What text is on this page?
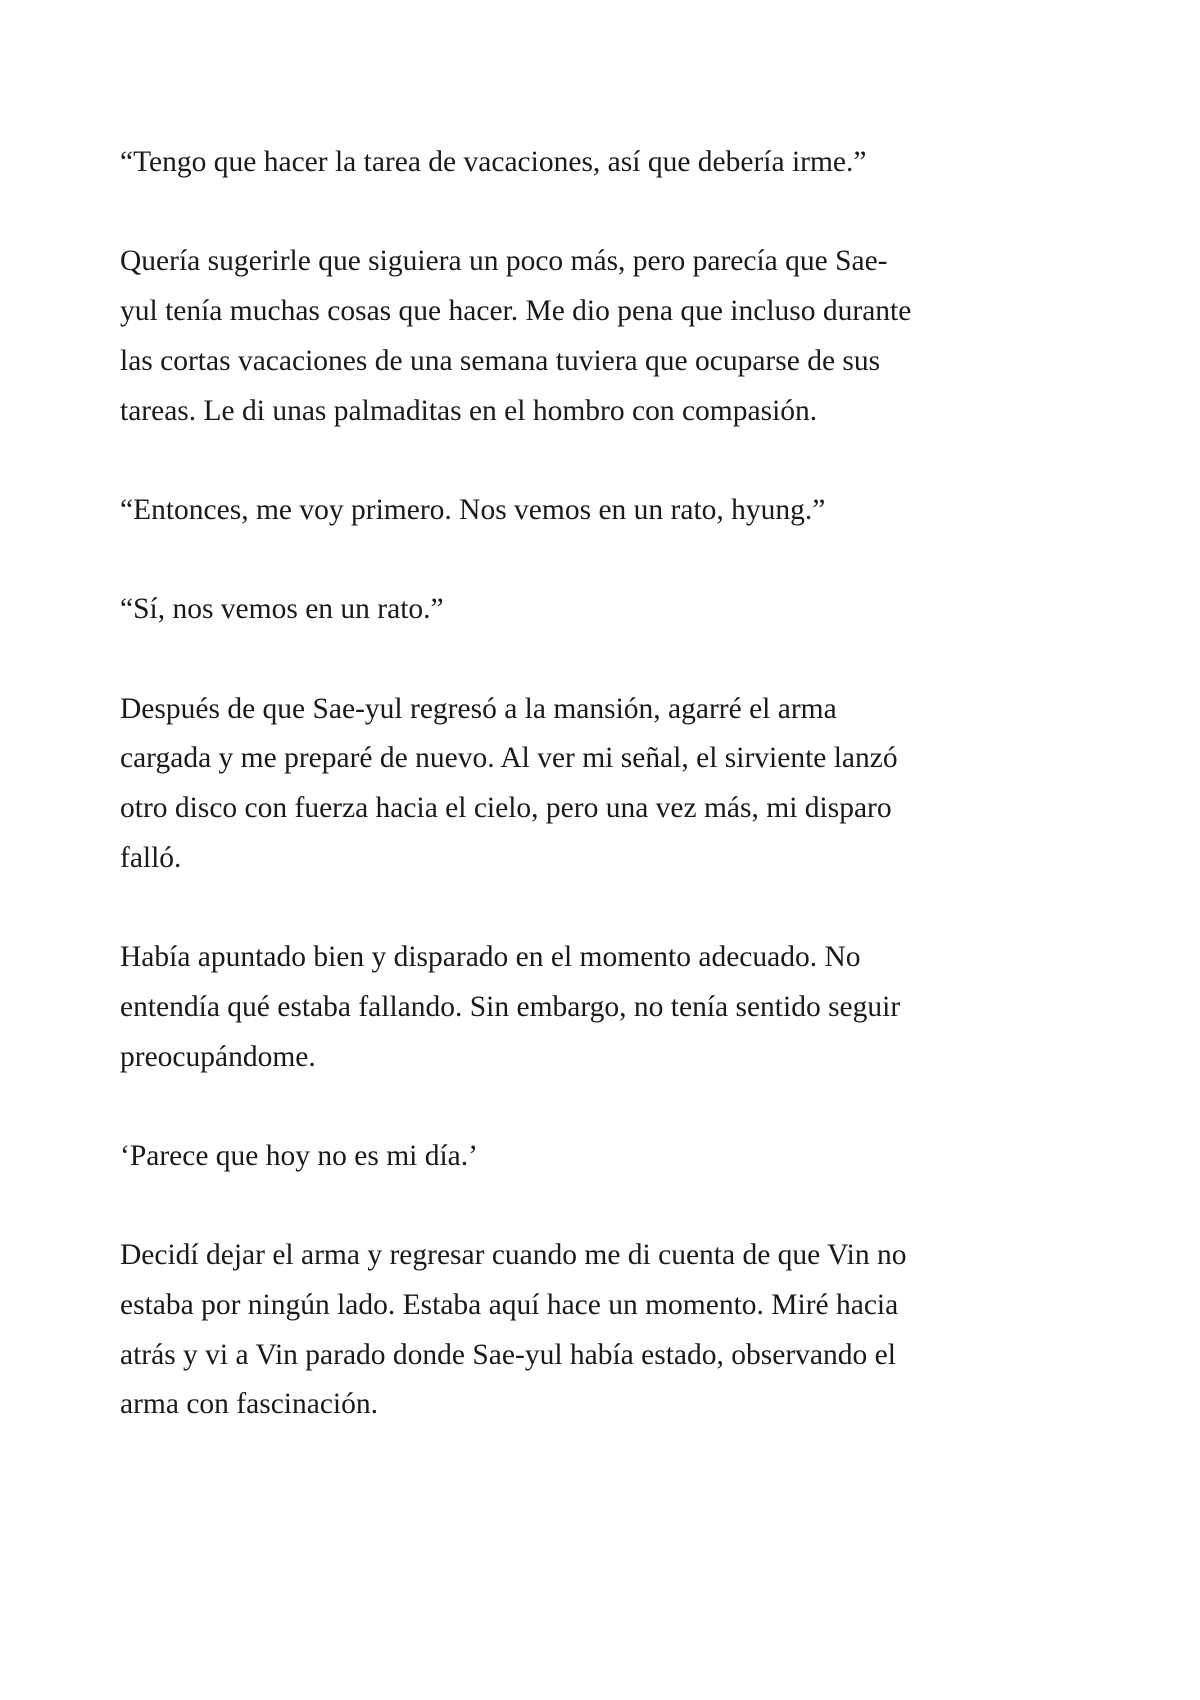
“Tengo que hacer la tarea de vacaciones, así que debería irme.”
Quería sugerirle que siguiera un poco más, pero parecía que Sae-
yul tenía muchas cosas que hacer. Me dio pena que incluso durante
las cortas vacaciones de una semana tuviera que ocuparse de sus
tareas. Le di unas palmaditas en el hombro con compasión.
“Entonces, me voy primero. Nos vemos en un rato, hyung.”
“Sí, nos vemos en un rato.”
Después de que Sae-yul regresó a la mansión, agarré el arma
cargada y me preparé de nuevo. Al ver mi señal, el sirviente lanzó
otro disco con fuerza hacia el cielo, pero una vez más, mi disparo
falló.
Había apuntado bien y disparado en el momento adecuado. No
entendía qué estaba fallando. Sin embargo, no tenía sentido seguir
preocupándome.
‘Parece que hoy no es mi día.’
Decidí dejar el arma y regresar cuando me di cuenta de que Vin no
estaba por ningún lado. Estaba aquí hace un momento. Miré hacia
atrás y vi a Vin parado donde Sae-yul había estado, observando el
arma con fascinación.
